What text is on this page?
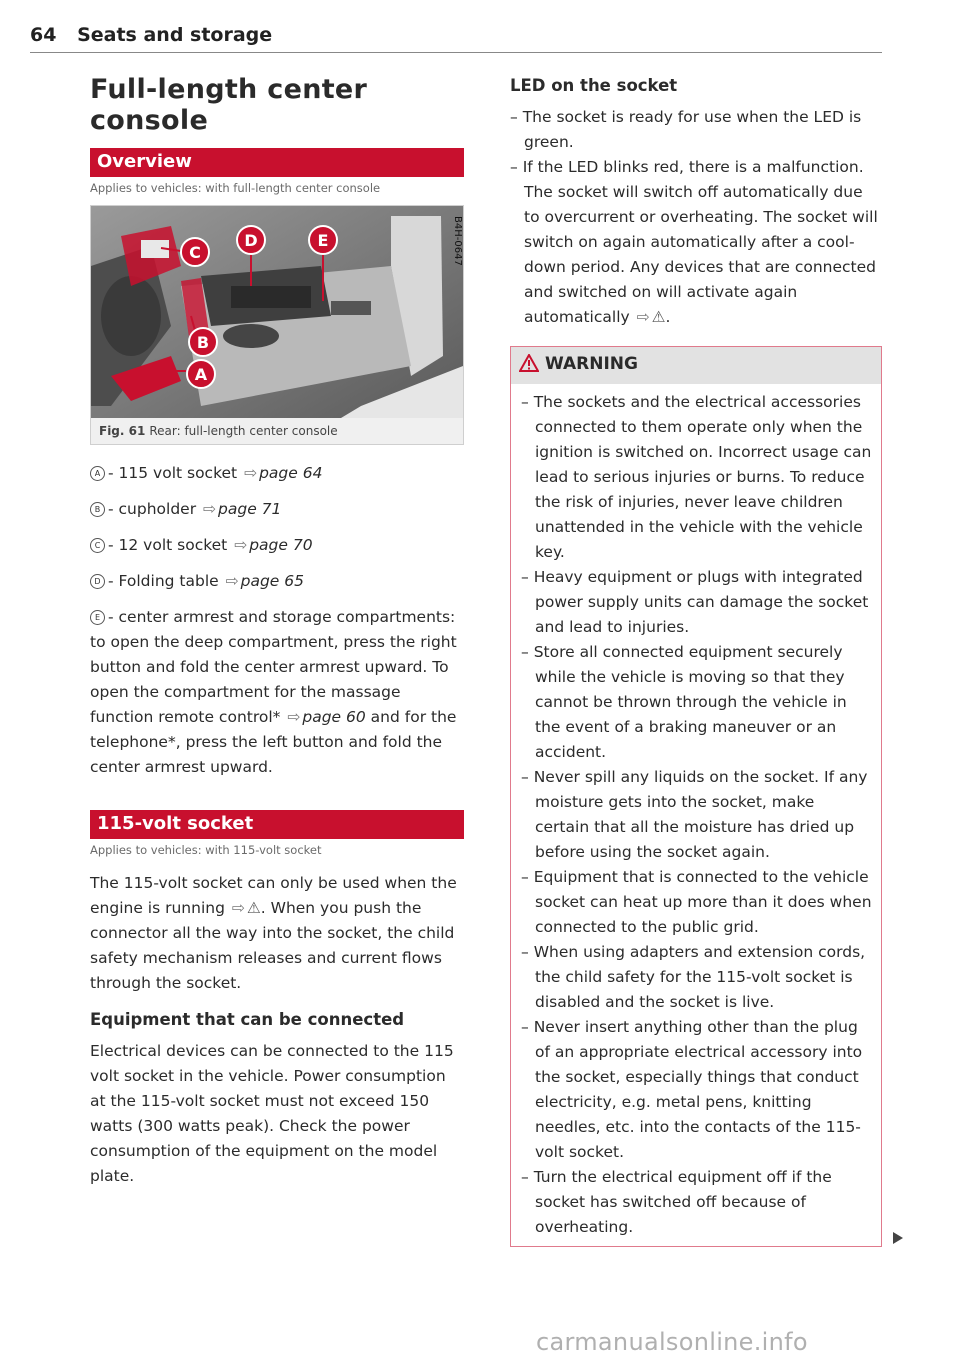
64 Seats and storage
Full-length center console
Overview
Applies to vehicles: with full-length center console
C
D	E
B
A
B4H-0647
Fig. 61 Rear: full-length center console

A - 115 volt socket ⇨ page 64

B - cupholder ⇨ page 71

C - 12 volt socket ⇨ page 70

D - Folding table ⇨ page 65

E - center armrest and storage compartments: to open the deep compartment, press the right button and fold the center armrest upward. To open the compartment for the massage function remote control* ⇨ page 60 and for the telephone*, press the left button and fold the center armrest upward.

115-volt socket
Applies to vehicles: with 115-volt socket

The 115-volt socket can only be used when the engine is running ⇨ ⚠. When you push the connector all the way into the socket, the child safety mechanism releases and current flows through the socket.

Equipment that can be connected

Electrical devices can be connected to the 115 volt socket in the vehicle. Power consumption at the 115-volt socket must not exceed 150 watts (300 watts peak). Check the power consumption of the equipment on the model plate.

LED on the socket
– The socket is ready for use when the LED is green.
– If the LED blinks red, there is a malfunction. The socket will switch off automatically due to overcurrent or overheating. The socket will switch on again automatically after a cool-down period. Any devices that are connected and switched on will activate again automatically ⇨ ⚠.
WARNING
– The sockets and the electrical accessories connected to them operate only when the ignition is switched on. Incorrect usage can lead to serious injuries or burns. To reduce the risk of injuries, never leave children unattended in the vehicle with the vehicle key.
– Heavy equipment or plugs with integrated power supply units can damage the socket and lead to injuries.
– Store all connected equipment securely while the vehicle is moving so that they cannot be thrown through the vehicle in the event of a braking maneuver or an accident.
– Never spill any liquids on the socket. If any moisture gets into the socket, make certain that all the moisture has dried up before using the socket again.
– Equipment that is connected to the vehicle socket can heat up more than it does when connected to the public grid.
– When using adapters and extension cords, the child safety for the 115-volt socket is disabled and the socket is live.
– Never insert anything other than the plug of an appropriate electrical accessory into the socket, especially things that conduct electricity, e.g. metal pens, knitting needles, etc. into the contacts of the 115-volt socket.
– Turn the electrical equipment off if the socket has switched off because of overheating.
carmanualsonline.info
